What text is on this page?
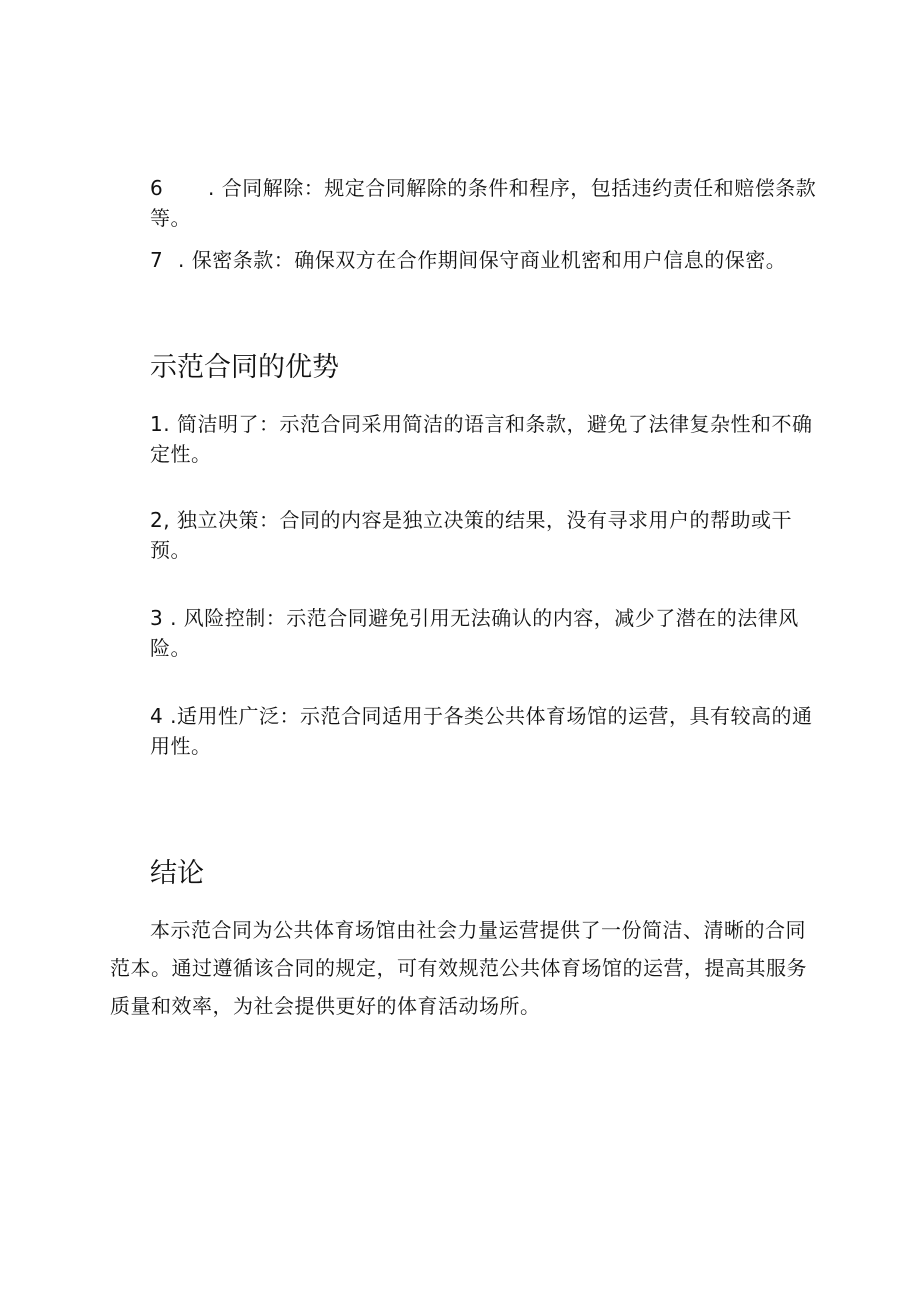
6 . 合同解除：规定合同解除的条件和程序，包括违约责任和赔偿条款等。

7 . 保密条款：确保双方在合作期间保守商业机密和用户信息的保密。

示范合同的优势

1. 简洁明了：示范合同采用简洁的语言和条款，避免了法律复杂性和不确定性。

2, 独立决策：合同的内容是独立决策的结果，没有寻求用户的帮助或干预。

3 . 风险控制：示范合同避免引用无法确认的内容，减少了潜在的法律风险。

4 .适用性广泛：示范合同适用于各类公共体育场馆的运营，具有较高的通用性。

结论

本示范合同为公共体育场馆由社会力量运营提供了一份简洁、清晰的合同范本。通过遵循该合同的规定，可有效规范公共体育场馆的运营，提高其服务质量和效率，为社会提供更好的体育活动场所。
